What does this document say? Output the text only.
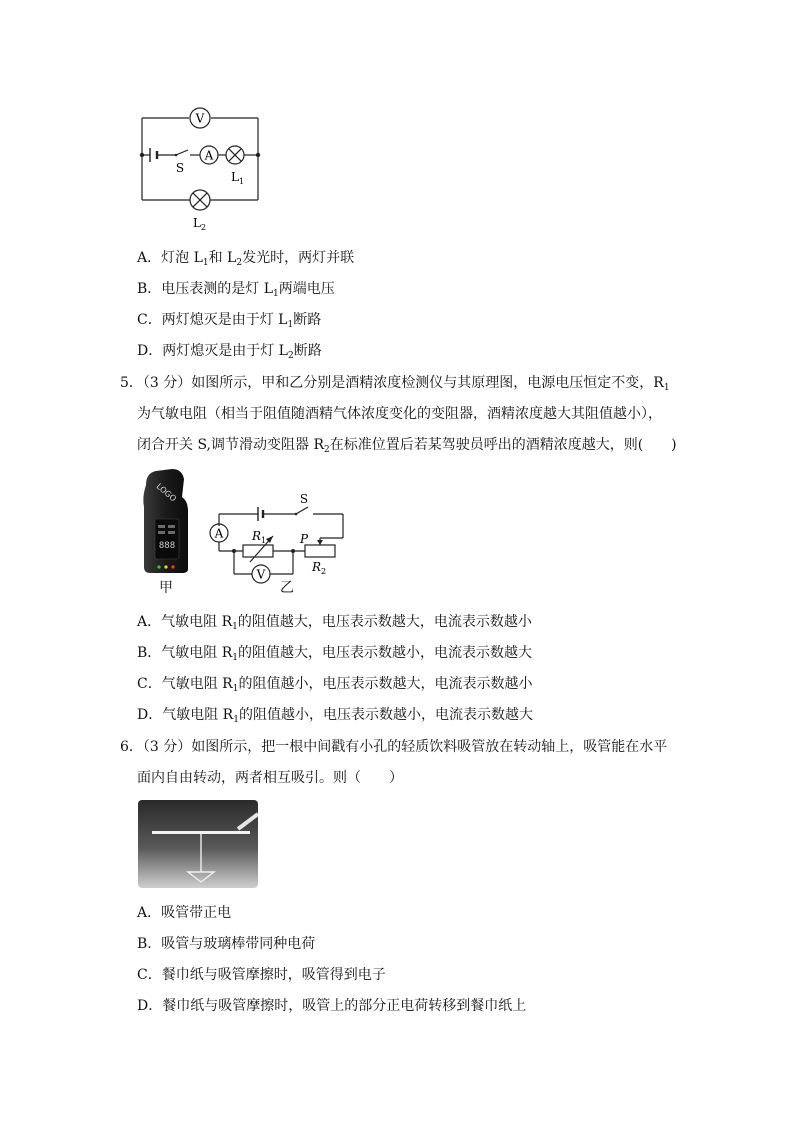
V
A
S
$L_1$
$L_2$
A．灯泡 $L_1$和 $L_2$发光时，两灯并联
B．电压表测的是灯 $L_1$两端电压
C．两灯熄灭是由于灯 $L_1$断路
D．两灯熄灭是由于灯 $L_2$断路
5．（3 分）如图所示，甲和乙分别是酒精浓度检测仪与其原理图，电源电压恒定不变，$R_1$
为气敏电阻（相当于阻值随酒精气体浓度变化的变阻器，酒精浓度越大其阻值越小），
闭合开关 S,调节滑动变阻器 $R_2$在标准位置后若某驾驶员呼出的酒精浓度越大，则(　　)
LOGO
888
甲
S
A
V
$R_1$	P
$R_2$
乙
A．气敏电阻 $R_1$的阻值越大，电压表示数越大，电流表示数越小
B．气敏电阻 $R_1$的阻值越大，电压表示数越小，电流表示数越大
C．气敏电阻 $R_1$的阻值越小，电压表示数越大，电流表示数越小
D．气敏电阻 $R_1$的阻值越小，电压表示数越小，电流表示数越大
6．（3 分）如图所示，把一根中间戳有小孔的轻质饮料吸管放在转动轴上，吸管能在水平
面内自由转动，两者相互吸引。则（　　）
A．吸管带正电
B．吸管与玻璃棒带同种电荷
C．餐巾纸与吸管摩擦时，吸管得到电子
D．餐巾纸与吸管摩擦时，吸管上的部分正电荷转移到餐巾纸上
